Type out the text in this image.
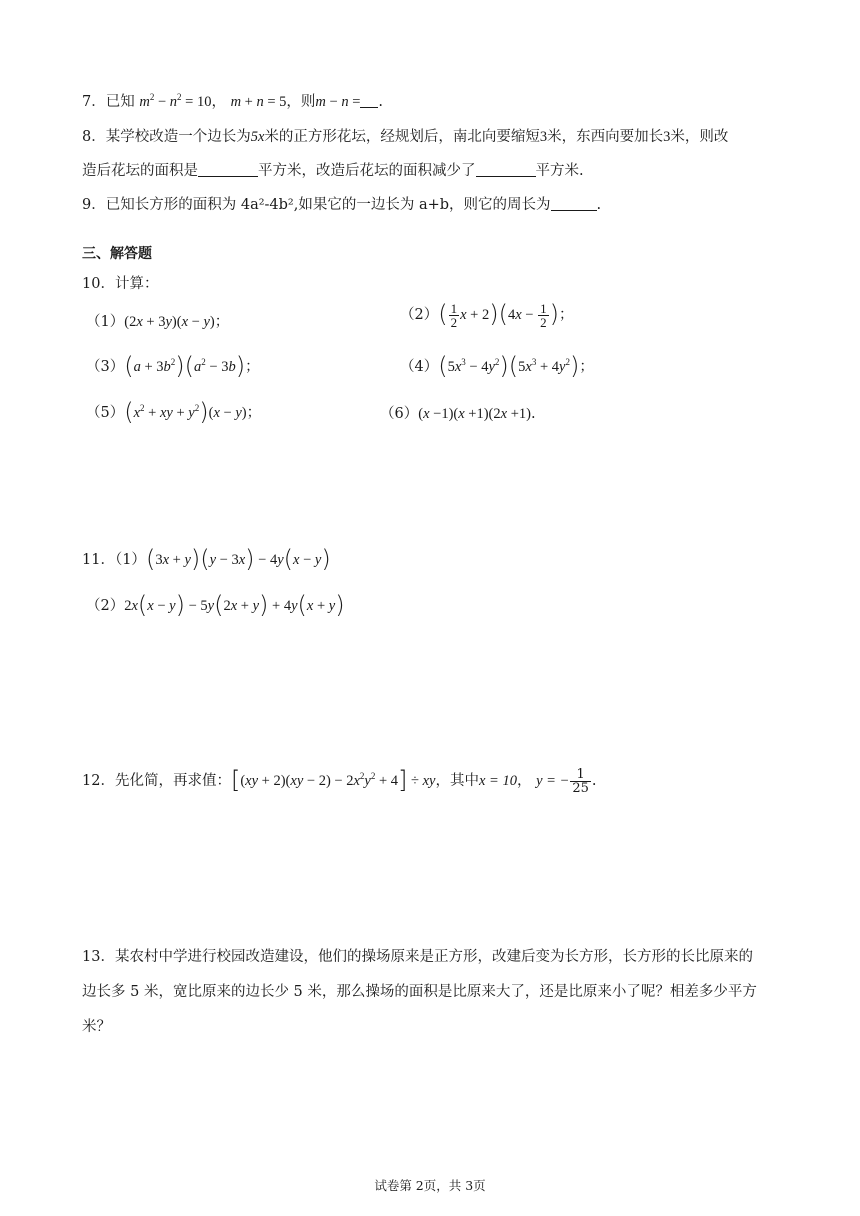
7．已知 $m^2 - n^2 = 10$， m + n = 5，则m − n = .
8．某学校改造一个边长为5x米的正方形花坛，经规划后，南北向要缩短3米，东西向要加长3米，则改
造后花坛的面积是	平方米，改造后花坛的面积减少了	平方米.
9．已知长方形的面积为 4a²-4b²,如果它的一边长为 a+b，则它的周长为	.
三、解答题
10．计算：
（1）(2x + 3y)(x − y)；	$(2)( \frac{1}{2}$ $x + 2)(4x - \frac{1}{2}$ )；
$(3)(a + 3b^2)(a^2 - 3b)$；	$(4)(5x^3 - 4y^2)(5x^3 + 4y^2)$；
$(5)(x^2$ + xy + $y^2)(x - y)$；	（6）(x −1)(x +1)(2x +1).
11．（1）(3x + y)(y − 3x) − 4y(x − y)
（2）2x(x − y) − 5y(2x + y) + 4y(x + y)
12．先化简，再求值：$[(xy + 2)(xy - 2) - 2x^2y^2 + 4]$ ÷ xy，其中x = 10， y = − $\frac{1}{25}$ .
13．某农村中学进行校园改造建设，他们的操场原来是正方形，改建后变为长方形，长方形的长比原来的
边长多 5 米，宽比原来的边长少 5 米，那么操场的面积是比原来大了，还是比原来小了呢？相差多少平方
米？
试卷第 2页，共 3页
